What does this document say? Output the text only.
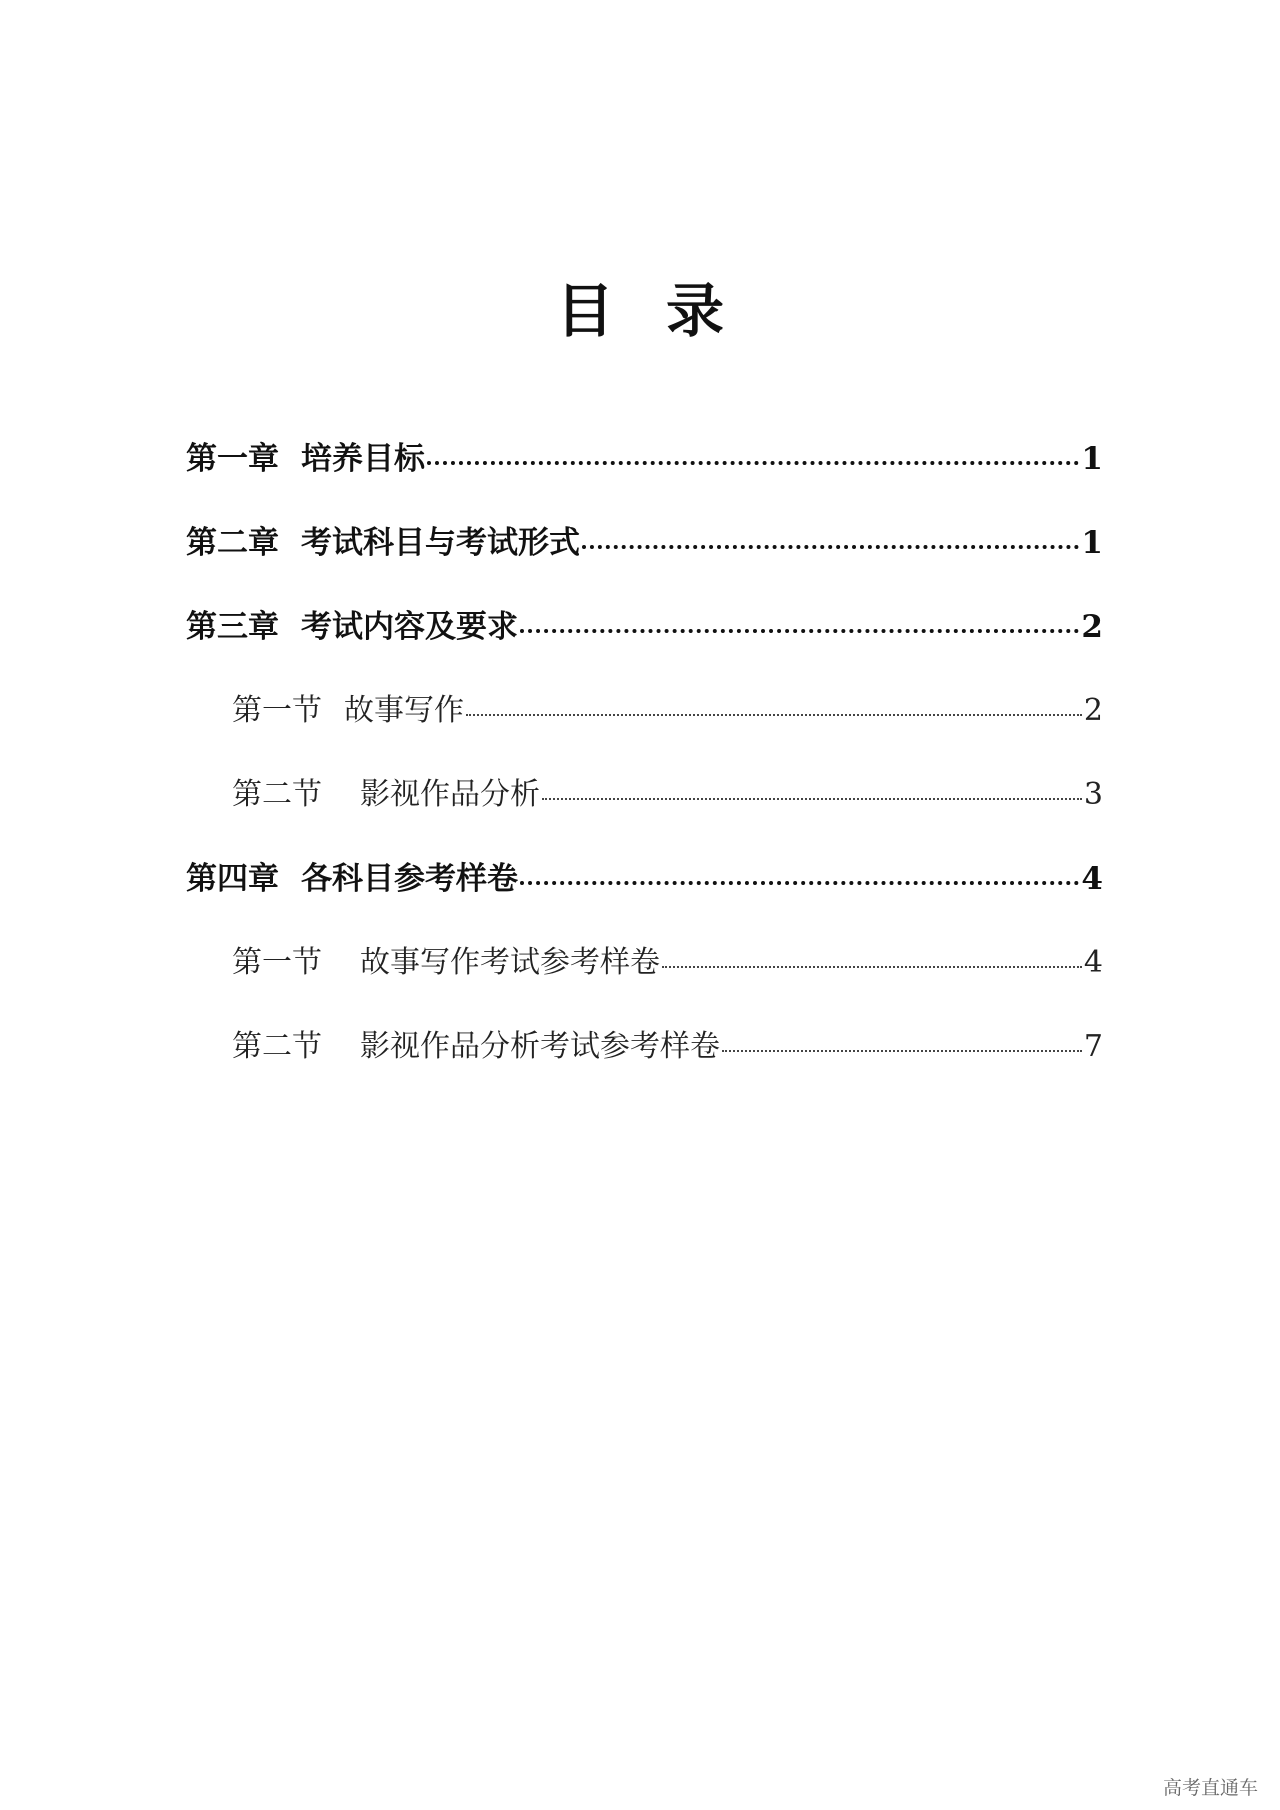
目 录
第一章 培养目标	1
第二章 考试科目与考试形式	1
第三章 考试内容及要求	2
第一节 故事写作	2
第二节 影视作品分析	3
第四章 各科目参考样卷	4
第一节 故事写作考试参考样卷	4
第二节 影视作品分析考试参考样卷	7
高考直通车
